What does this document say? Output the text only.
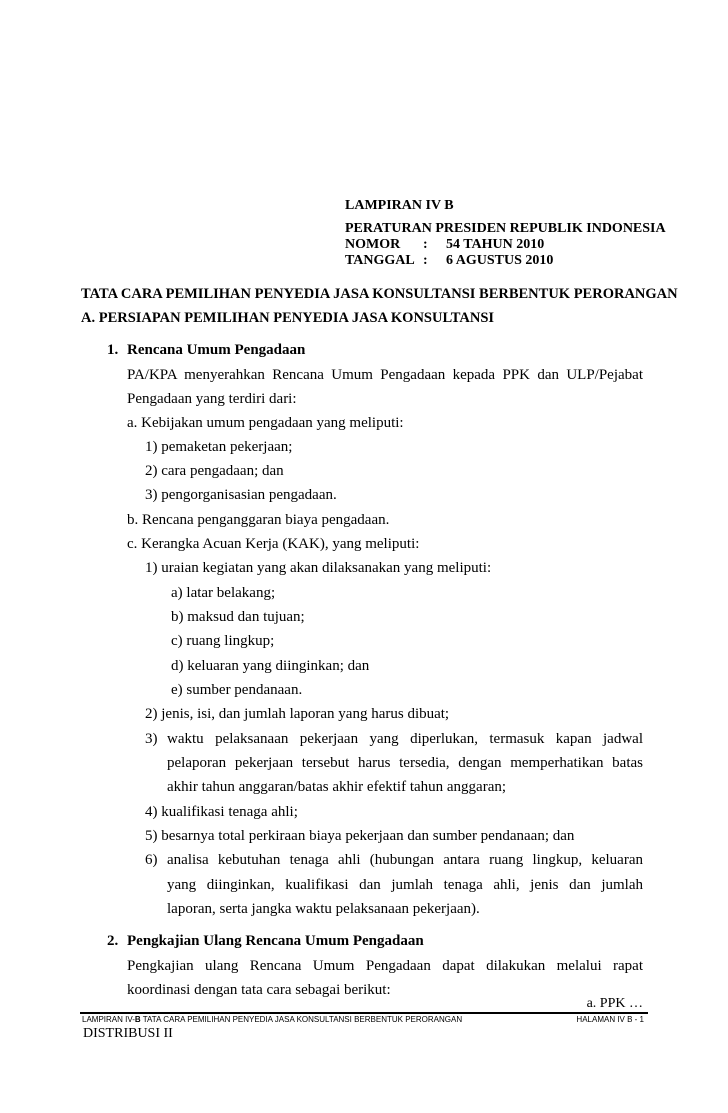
LAMPIRAN IV B
PERATURAN PRESIDEN REPUBLIK INDONESIA
NOMOR : 54 TAHUN 2010
TANGGAL : 6 AGUSTUS 2010
TATA CARA PEMILIHAN PENYEDIA JASA KONSULTANSI BERBENTUK PERORANGAN
A. PERSIAPAN PEMILIHAN PENYEDIA JASA KONSULTANSI
1. Rencana Umum Pengadaan
PA/KPA menyerahkan Rencana Umum Pengadaan kepada PPK dan ULP/Pejabat
Pengadaan yang terdiri dari:
a. Kebijakan umum pengadaan yang meliputi:
1) pemaketan pekerjaan;
2) cara pengadaan; dan
3) pengorganisasian pengadaan.
b. Rencana penganggaran biaya pengadaan.
c. Kerangka Acuan Kerja (KAK), yang meliputi:
1) uraian kegiatan yang akan dilaksanakan yang meliputi:
a) latar belakang;
b) maksud dan tujuan;
c) ruang lingkup;
d) keluaran yang diinginkan; dan
e) sumber pendanaan.
2) jenis, isi, dan jumlah laporan yang harus dibuat;
3) waktu pelaksanaan pekerjaan yang diperlukan, termasuk kapan jadwal
pelaporan pekerjaan tersebut harus tersedia, dengan memperhatikan batas
akhir tahun anggaran/batas akhir efektif tahun anggaran;
4) kualifikasi tenaga ahli;
5) besarnya total perkiraan biaya pekerjaan dan sumber pendanaan; dan
6) analisa kebutuhan tenaga ahli (hubungan antara ruang lingkup, keluaran
yang diinginkan, kualifikasi dan jumlah tenaga ahli, jenis dan jumlah
laporan, serta jangka waktu pelaksanaan pekerjaan).
2. Pengkajian Ulang Rencana Umum Pengadaan
Pengkajian ulang Rencana Umum Pengadaan dapat dilakukan melalui rapat
koordinasi dengan tata cara sebagai berikut:
a. PPK …
LAMPIRAN IV-B TATA CARA PEMILIHAN PENYEDIA JASA KONSULTANSI BERBENTUK PERORANGAN	HALAMAN IV B - 1
DISTRIBUSI II
